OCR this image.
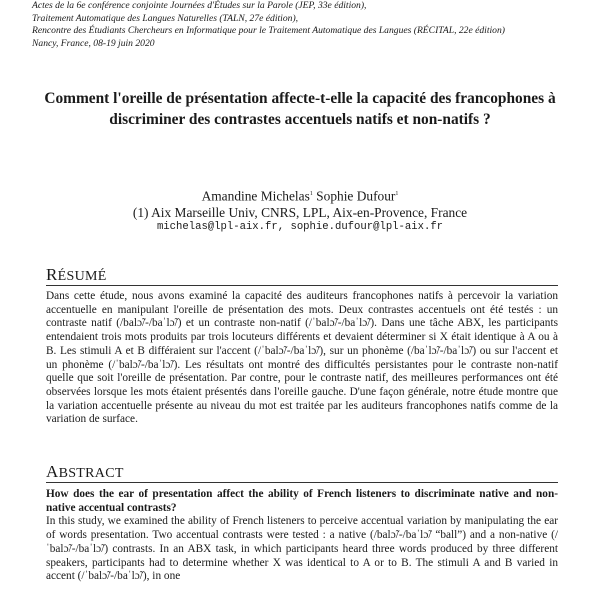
Actes de la 6e conférence conjointe Journées d'Études sur la Parole (JEP, 33e édition),
Traitement Automatique des Langues Naturelles (TALN, 27e édition),
Rencontre des Étudiants Chercheurs en Informatique pour le Traitement Automatique des Langues (RÉCITAL, 22e édition)
Nancy, France, 08-19 juin 2020
Comment l'oreille de présentation affecte-t-elle la capacité des francophones à discriminer des contrastes accentuels natifs et non-natifs ?
Amandine Michelas$^1$ Sophie Dufour$^1$
(1) Aix Marseille Univ, CNRS, LPL, Aix-en-Provence, France
michelas@lpl-aix.fr, sophie.dufour@lpl-aix.fr
RÉSUMÉ
Dans cette étude, nous avons examiné la capacité des auditeurs francophones natifs à percevoir la variation accentuelle en manipulant l'oreille de présentation des mots. Deux contrastes accentuels ont été testés : un contraste natif (/balɔ̃/-/baˈlɔ̃/) et un contraste non-natif (/ˈbalɔ̃/-/baˈlɔ̃/). Dans une tâche ABX, les participants entendaient trois mots produits par trois locuteurs différents et devaient déterminer si X était identique à A ou à B. Les stimuli A et B différaient sur l'accent (/ˈbalɔ̃/-/baˈlɔ̃/), sur un phonème (/baˈlɔ̃/-/baˈlɔ̃/) ou sur l'accent et un phonème (/ˈbalɔ̃/-/baˈlɔ̃/). Les résultats ont montré des difficultés persistantes pour le contraste non-natif quelle que soit l'oreille de présentation. Par contre, pour le contraste natif, des meilleures performances ont été observées lorsque les mots étaient présentés dans l'oreille gauche. D'une façon générale, notre étude montre que la variation accentuelle présente au niveau du mot est traitée par les auditeurs francophones natifs comme de la variation de surface.
ABSTRACT
How does the ear of presentation affect the ability of French listeners to discriminate native and non-native accentual contrasts?
In this study, we examined the ability of French listeners to perceive accentual variation by manipulating the ear of words presentation. Two accentual contrasts were tested : a native (/balɔ̃/-/baˈlɔ̃/ “ball”) and a non-native (/ˈbalɔ̃/-/baˈlɔ̃/) contrasts. In an ABX task, in which participants heard three words produced by three different speakers, participants had to determine whether X was identical to A or to B. The stimuli A and B varied in accent (/ˈbalɔ̃/-/baˈlɔ̃/), in one
